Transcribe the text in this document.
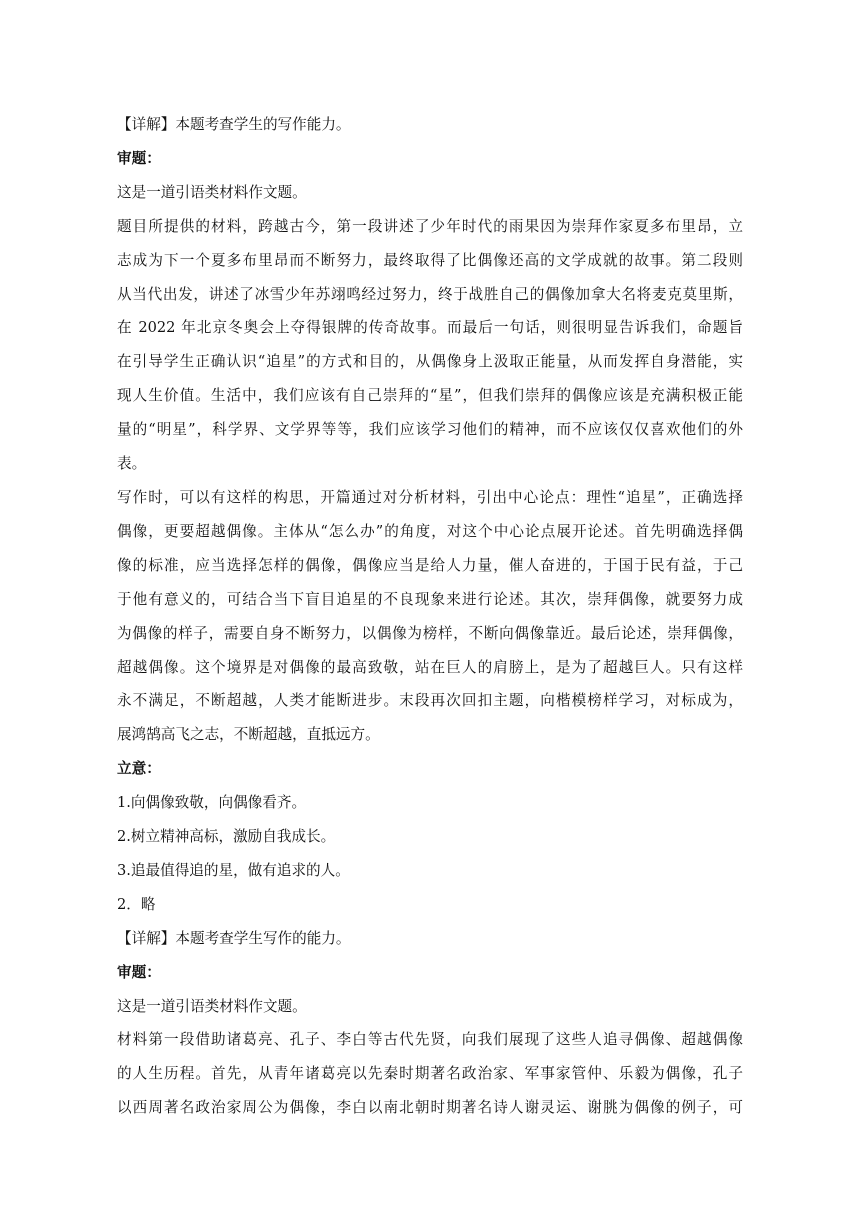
【详解】本题考查学生的写作能力。

审题：

这是一道引语类材料作文题。

题目所提供的材料，跨越古今，第一段讲述了少年时代的雨果因为崇拜作家夏多布里昂，立

志成为下一个夏多布里昂而不断努力，最终取得了比偶像还高的文学成就的故事。第二段则

从当代出发，讲述了冰雪少年苏翊鸣经过努力，终于战胜自己的偶像加拿大名将麦克莫里斯，

在 2022 年北京冬奥会上夺得银牌的传奇故事。而最后一句话，则很明显告诉我们，命题旨

在引导学生正确认识“追星”的方式和目的，从偶像身上汲取正能量，从而发挥自身潜能，实

现人生价值。生活中，我们应该有自己崇拜的“星”，但我们崇拜的偶像应该是充满积极正能

量的“明星”，科学界、文学界等等，我们应该学习他们的精神，而不应该仅仅喜欢他们的外

表。

写作时，可以有这样的构思，开篇通过对分析材料，引出中心论点：理性“追星”，正确选择

偶像，更要超越偶像。主体从“怎么办”的角度，对这个中心论点展开论述。首先明确选择偶

像的标准，应当选择怎样的偶像，偶像应当是给人力量，催人奋进的，于国于民有益，于己

于他有意义的，可结合当下盲目追星的不良现象来进行论述。其次，崇拜偶像，就要努力成

为偶像的样子，需要自身不断努力，以偶像为榜样，不断向偶像靠近。最后论述，崇拜偶像，

超越偶像。这个境界是对偶像的最高致敬，站在巨人的肩膀上，是为了超越巨人。只有这样

永不满足，不断超越，人类才能断进步。末段再次回扣主题，向楷模榜样学习，对标成为，

展鸿鹄高飞之志，不断超越，直抵远方。

立意：

1.向偶像致敬，向偶像看齐。

2.树立精神高标，激励自我成长。

3.追最值得追的星，做有追求的人。

2．略

【详解】本题考查学生写作的能力。

审题：

这是一道引语类材料作文题。

材料第一段借助诸葛亮、孔子、李白等古代先贤，向我们展现了这些人追寻偶像、超越偶像

的人生历程。首先，从青年诸葛亮以先秦时期著名政治家、军事家管仲、乐毅为偶像，孔子

以西周著名政治家周公为偶像，李白以南北朝时期著名诗人谢灵运、谢朓为偶像的例子，可
